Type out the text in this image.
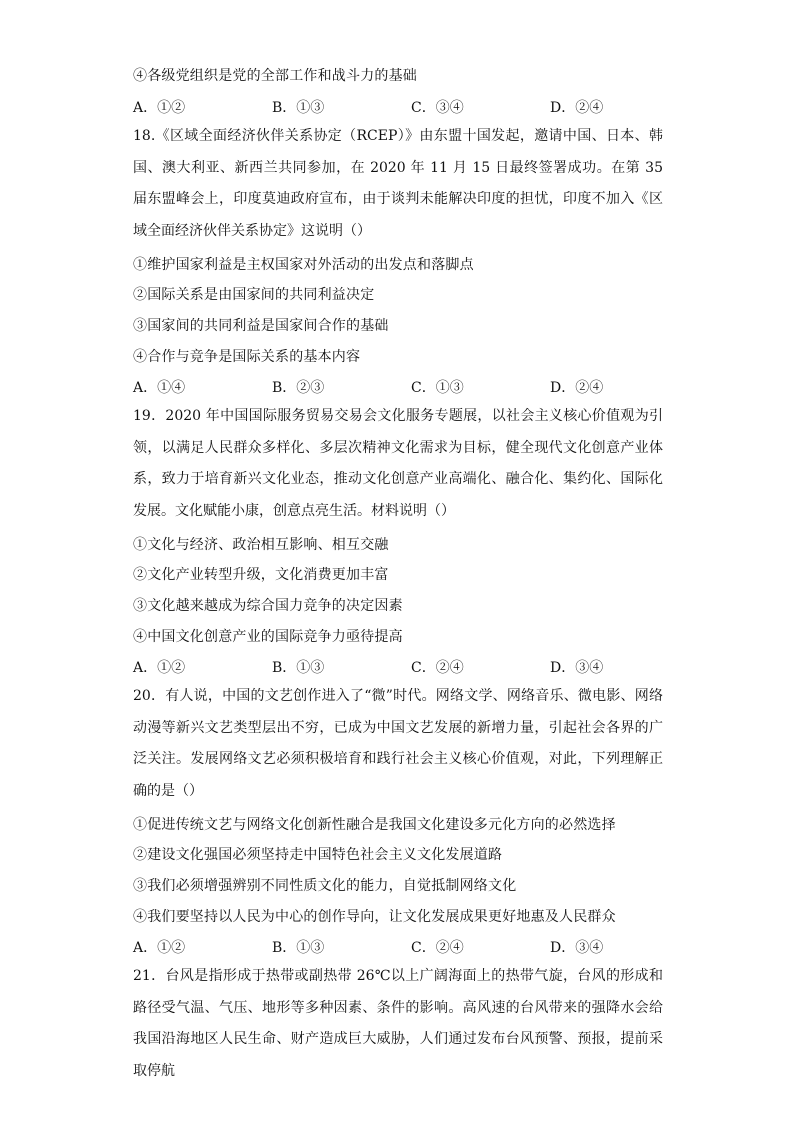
④各级党组织是党的全部工作和战斗力的基础
A．①②	B．①③	C．③④	D．②④
18.《区域全面经济伙伴关系协定（RCEP）》由东盟十国发起，邀请中国、日本、韩国、澳大利亚、新西兰共同参加，在 2020 年 11 月 15 日最终签署成功。在第 35 届东盟峰会上，印度莫迪政府宣布，由于谈判未能解决印度的担忧，印度不加入《区域全面经济伙伴关系协定》这说明（）
①维护国家利益是主权国家对外活动的出发点和落脚点
②国际关系是由国家间的共同利益决定
③国家间的共同利益是国家间合作的基础
④合作与竞争是国际关系的基本内容
A．①④	B．②③	C．①③	D．②④
19．2020 年中国国际服务贸易交易会文化服务专题展，以社会主义核心价值观为引领，以满足人民群众多样化、多层次精神文化需求为目标，健全现代文化创意产业体系，致力于培育新兴文化业态，推动文化创意产业高端化、融合化、集约化、国际化发展。文化赋能小康，创意点亮生活。材料说明（）
①文化与经济、政治相互影响、相互交融
②文化产业转型升级，文化消费更加丰富
③文化越来越成为综合国力竞争的决定因素
④中国文化创意产业的国际竞争力亟待提高
A．①②	B．①③	C．②④	D．③④
20．有人说，中国的文艺创作进入了“微”时代。网络文学、网络音乐、微电影、网络动漫等新兴文艺类型层出不穷，已成为中国文艺发展的新增力量，引起社会各界的广泛关注。发展网络文艺必须积极培育和践行社会主义核心价值观，对此，下列理解正确的是（）
①促进传统文艺与网络文化创新性融合是我国文化建设多元化方向的必然选择
②建设文化强国必须坚持走中国特色社会主义文化发展道路
③我们必须增强辨别不同性质文化的能力，自觉抵制网络文化
④我们要坚持以人民为中心的创作导向，让文化发展成果更好地惠及人民群众
A．①②	B．①③	C．②④	D．③④
21．台风是指形成于热带或副热带 26℃以上广阔海面上的热带气旋，台风的形成和路径受气温、气压、地形等多种因素、条件的影响。高风速的台风带来的强降水会给我国沿海地区人民生命、财产造成巨大威胁，人们通过发布台风预警、预报，提前采取停航
